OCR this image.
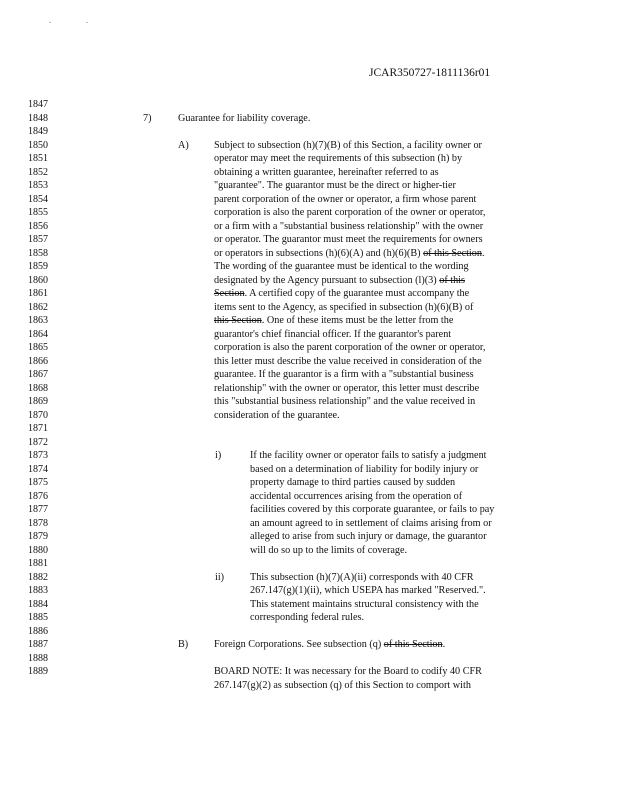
JCAR350727-1811136r01
1847
1848
1849
1850
1851
1852
1853
1854
1855
1856
1857
1858
1859
1860
1861
1862
1863
1864
1865
1866
1867
1868
1869
1870
1871
1872
1873
1874
1875
1876
1877
1878
1879
1880
1881
1882
1883
1884
1885
1886
1887
1888
1889
7)	Guarantee for liability coverage.
A) Subject to subsection (h)(7)(B) of this Section, a facility owner or
operator may meet the requirements of this subsection (h) by
obtaining a written guarantee, hereinafter referred to as
"guarantee". The guarantor must be the direct or higher-tier
parent corporation of the owner or operator, a firm whose parent
corporation is also the parent corporation of the owner or operator,
or a firm with a "substantial business relationship" with the owner
or operator. The guarantor must meet the requirements for owners
or operators in subsections (h)(6)(A) and (h)(6)(B) of this Section.
The wording of the guarantee must be identical to the wording
designated by the Agency pursuant to subsection (l)(3) of this
Section. A certified copy of the guarantee must accompany the
items sent to the Agency, as specified in subsection (h)(6)(B) of
this Section. One of these items must be the letter from the
guarantor's chief financial officer. If the guarantor's parent
corporation is also the parent corporation of the owner or operator,
this letter must describe the value received in consideration of the
guarantee. If the guarantor is a firm with a "substantial business
relationship" with the owner or operator, this letter must describe
this "substantial business relationship" and the value received in
consideration of the guarantee.
i)	If the facility owner or operator fails to satisfy a judgment
based on a determination of liability for bodily injury or
property damage to third parties caused by sudden
accidental occurrences arising from the operation of
facilities covered by this corporate guarantee, or fails to pay
an amount agreed to in settlement of claims arising from or
alleged to arise from such injury or damage, the guarantor
will do so up to the limits of coverage.
ii)	This subsection (h)(7)(A)(ii) corresponds with 40 CFR
267.147(g)(1)(ii), which USEPA has marked "Reserved.".
This statement maintains structural consistency with the
corresponding federal rules.
B)	Foreign Corporations. See subsection (q) of this Section.
BOARD NOTE: It was necessary for the Board to codify 40 CFR
267.147(g)(2) as subsection (q) of this Section to comport with
